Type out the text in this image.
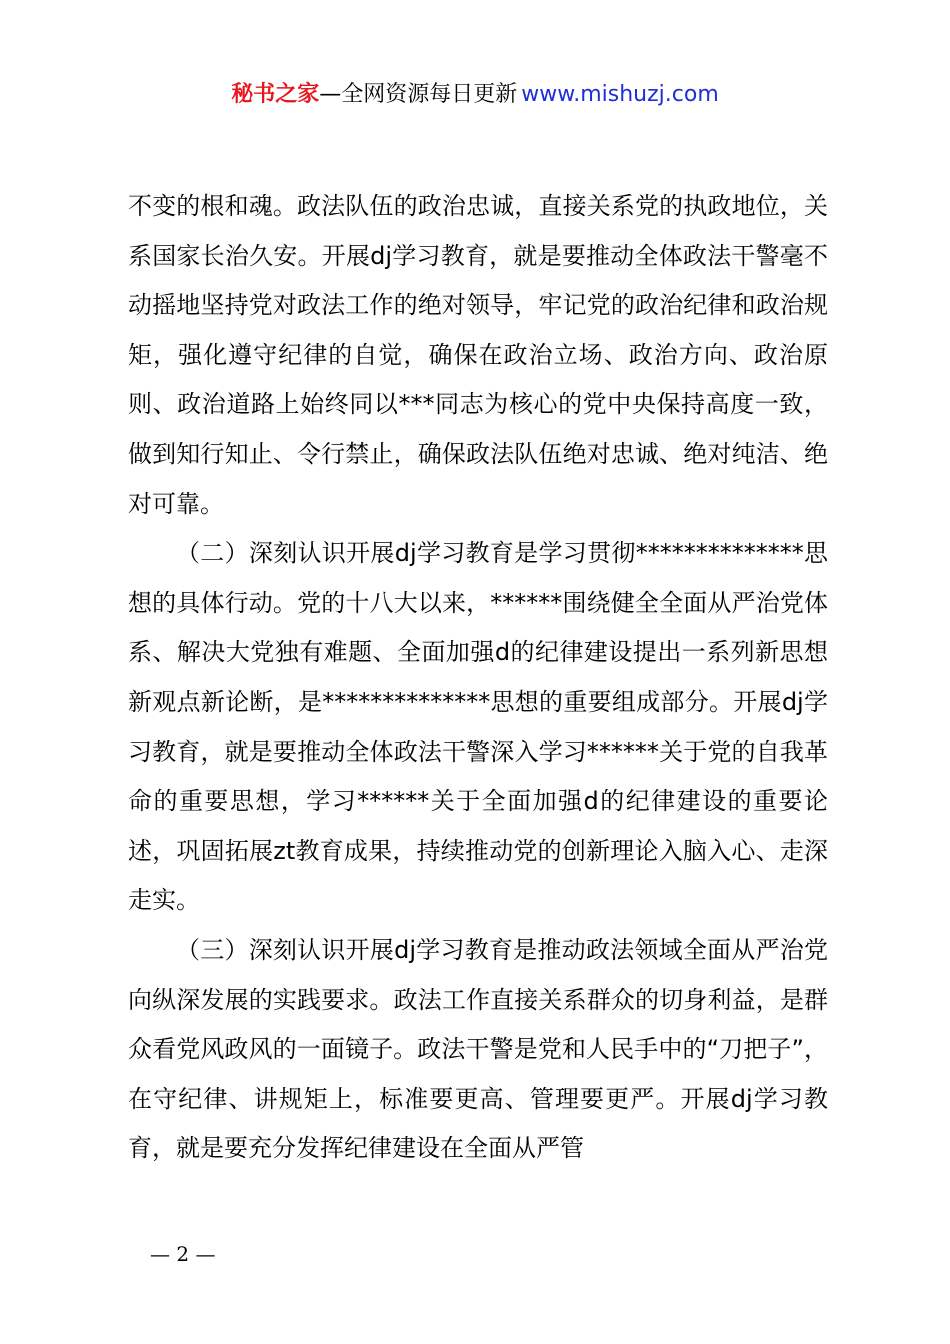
秘书之家—全网资源每日更新 www.mishuzj.com

不变的根和魂。政法队伍的政治忠诚，直接关系党的执政地位，关系国家长治久安。开展dj学习教育，就是要推动全体政法干警毫不动摇地坚持党对政法工作的绝对领导，牢记党的政治纪律和政治规矩，强化遵守纪律的自觉，确保在政治立场、政治方向、政治原则、政治道路上始终同以***同志为核心的党中央保持高度一致，做到知行知止、令行禁止，确保政法队伍绝对忠诚、绝对纯洁、绝对可靠。

（二）深刻认识开展dj学习教育是学习贯彻**************思想的具体行动。党的十八大以来，******围绕健全全面从严治党体系、解决大党独有难题、全面加强d的纪律建设提出一系列新思想新观点新论断，是**************思想的重要组成部分。开展dj学习教育，就是要推动全体政法干警深入学习******关于党的自我革命的重要思想，学习******关于全面加强d的纪律建设的重要论述，巩固拓展zt教育成果，持续推动党的创新理论入脑入心、走深走实。

（三）深刻认识开展dj学习教育是推动政法领域全面从严治党向纵深发展的实践要求。政法工作直接关系群众的切身利益，是群众看党风政风的一面镜子。政法干警是党和人民手中的“刀把子”，在守纪律、讲规矩上，标准要更高、管理要更严。开展dj学习教育，就是要充分发挥纪律建设在全面从严管

— 2 —
